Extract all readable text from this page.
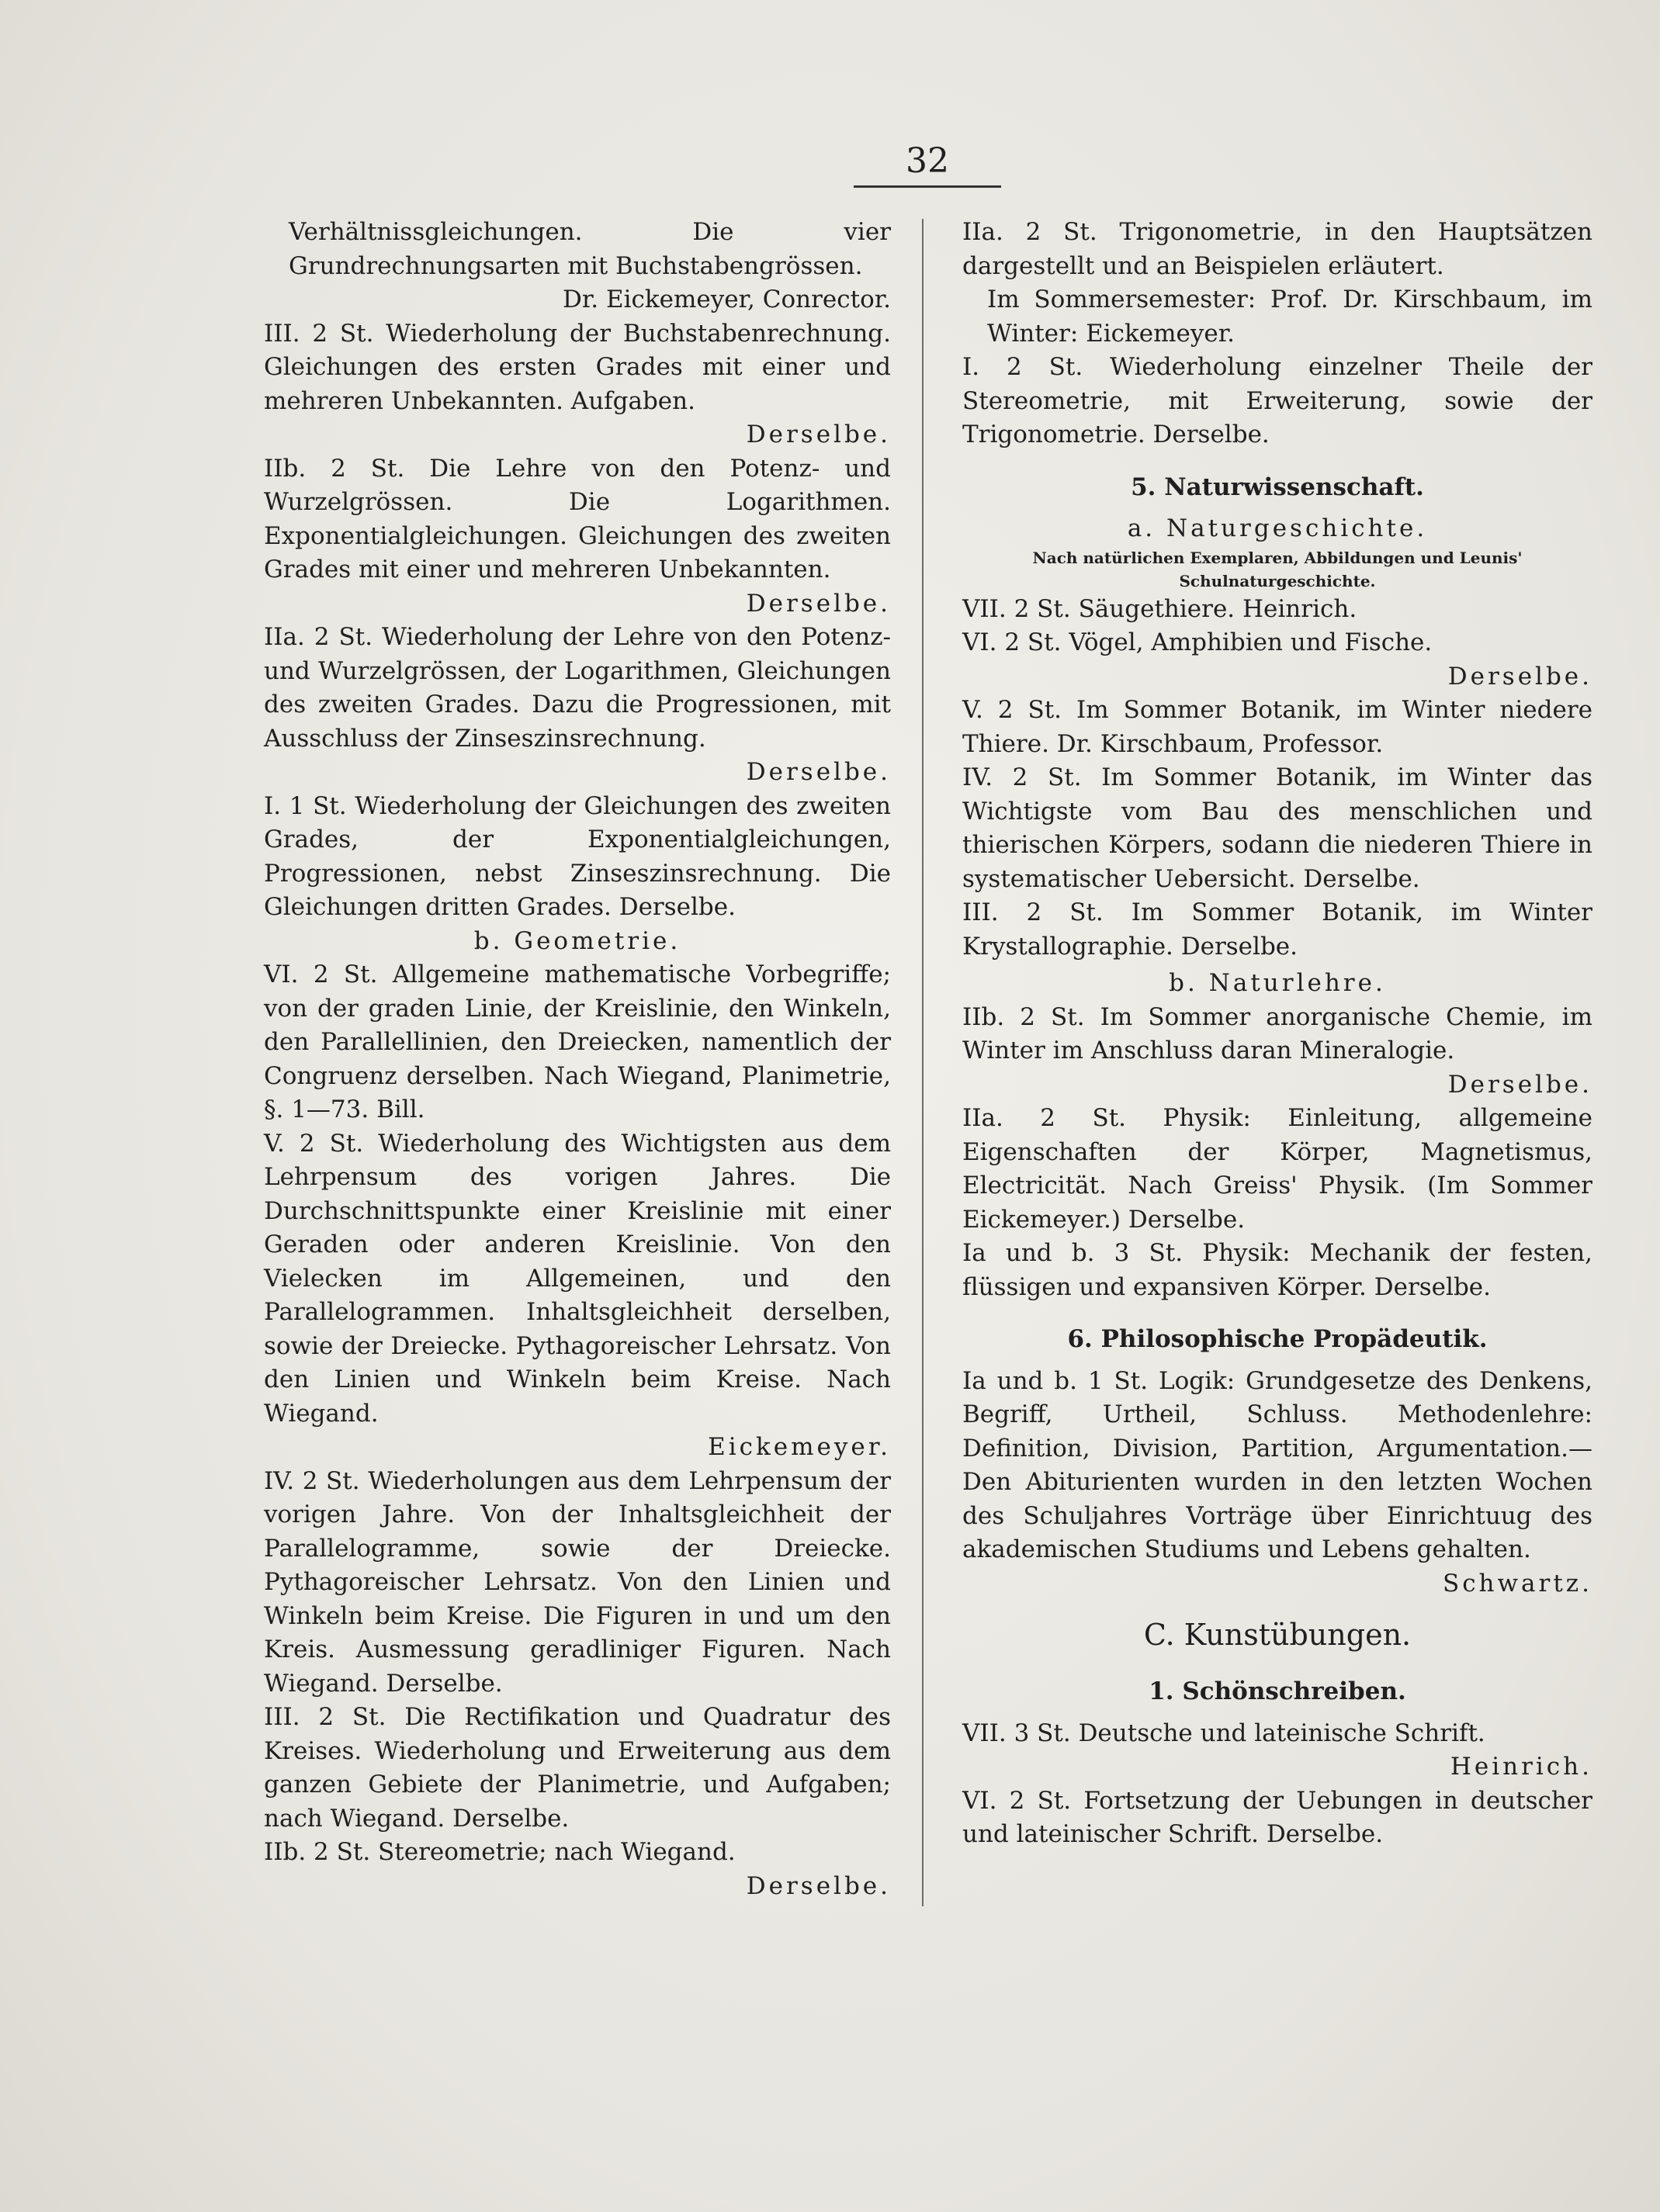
32

Verhältnissgleichungen. Die vier Grundrechnungsarten mit Buchstabengrössen.

Dr. Eickemeyer, Conrector.

III. 2 St. Wiederholung der Buchstabenrechnung. Gleichungen des ersten Grades mit einer und mehreren Unbekannten. Aufgaben.

Derselbe.

IIb. 2 St. Die Lehre von den Potenz- und Wurzelgrössen. Die Logarithmen. Exponentialgleichungen. Gleichungen des zweiten Grades mit einer und mehreren Unbekannten.

Derselbe.

IIa. 2 St. Wiederholung der Lehre von den Potenz- und Wurzelgrössen, der Logarithmen, Gleichungen des zweiten Grades. Dazu die Progressionen, mit Ausschluss der Zinseszinsrechnung.

Derselbe.

I. 1 St. Wiederholung der Gleichungen des zweiten Grades, der Exponentialgleichungen, Progressionen, nebst Zinseszinsrechnung. Die Gleichungen dritten Grades. Derselbe.

b. Geometrie.

VI. 2 St. Allgemeine mathematische Vorbegriffe; von der graden Linie, der Kreislinie, den Winkeln, den Parallellinien, den Dreiecken, namentlich der Congruenz derselben. Nach Wiegand, Planimetrie, §. 1—73. Bill.

V. 2 St. Wiederholung des Wichtigsten aus dem Lehrpensum des vorigen Jahres. Die Durchschnittspunkte einer Kreislinie mit einer Geraden oder anderen Kreislinie. Von den Vielecken im Allgemeinen, und den Parallelogrammen. Inhaltsgleichheit derselben, sowie der Dreiecke. Pythagoreischer Lehrsatz. Von den Linien und Winkeln beim Kreise. Nach Wiegand.

Eickemeyer.

IV. 2 St. Wiederholungen aus dem Lehrpensum der vorigen Jahre. Von der Inhaltsgleichheit der Parallelogramme, sowie der Dreiecke. Pythagoreischer Lehrsatz. Von den Linien und Winkeln beim Kreise. Die Figuren in und um den Kreis. Ausmessung geradliniger Figuren. Nach Wiegand. Derselbe.

III. 2 St. Die Rectifikation und Quadratur des Kreises. Wiederholung und Erweiterung aus dem ganzen Gebiete der Planimetrie, und Aufgaben; nach Wiegand. Derselbe.

IIb. 2 St. Stereometrie; nach Wiegand.

Derselbe.

IIa. 2 St. Trigonometrie, in den Hauptsätzen dargestellt und an Beispielen erläutert.

Im Sommersemester: Prof. Dr. Kirschbaum, im Winter: Eickemeyer.

I. 2 St. Wiederholung einzelner Theile der Stereometrie, mit Erweiterung, sowie der Trigonometrie. Derselbe.

5. Naturwissenschaft.

a. Naturgeschichte.

Nach natürlichen Exemplaren, Abbildungen und Leunis' Schulnaturgeschichte.

VII. 2 St. Säugethiere. Heinrich.

VI. 2 St. Vögel, Amphibien und Fische.

Derselbe.

V. 2 St. Im Sommer Botanik, im Winter niedere Thiere. Dr. Kirschbaum, Professor.

IV. 2 St. Im Sommer Botanik, im Winter das Wichtigste vom Bau des menschlichen und thierischen Körpers, sodann die niederen Thiere in systematischer Uebersicht. Derselbe.

III. 2 St. Im Sommer Botanik, im Winter Krystallographie. Derselbe.

b. Naturlehre.

IIb. 2 St. Im Sommer anorganische Chemie, im Winter im Anschluss daran Mineralogie.

Derselbe.

IIa. 2 St. Physik: Einleitung, allgemeine Eigenschaften der Körper, Magnetismus, Electricität. Nach Greiss' Physik. (Im Sommer Eickemeyer.) Derselbe.

Ia und b. 3 St. Physik: Mechanik der festen, flüssigen und expansiven Körper. Derselbe.

6. Philosophische Propädeutik.

Ia und b. 1 St. Logik: Grundgesetze des Denkens, Begriff, Urtheil, Schluss. Methodenlehre: Definition, Division, Partition, Argumentation.— Den Abiturienten wurden in den letzten Wochen des Schuljahres Vorträge über Einrichtuug des akademischen Studiums und Lebens gehalten.

Schwartz.

C. Kunstübungen.

1. Schönschreiben.

VII. 3 St. Deutsche und lateinische Schrift.

Heinrich.

VI. 2 St. Fortsetzung der Uebungen in deutscher und lateinischer Schrift. Derselbe.
